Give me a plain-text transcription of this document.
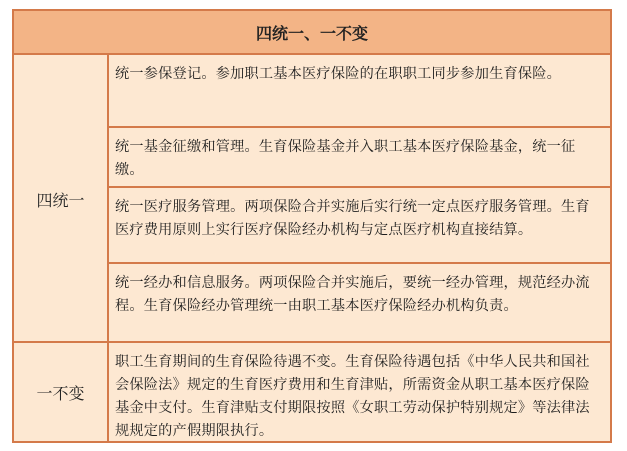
四统一、一不变
四统一
统一参保登记。参加职工基本医疗保险的在职职工同步参加生育保险。
统一基金征缴和管理。生育保险基金并入职工基本医疗保险基金，统一征缴。
统一医疗服务管理。两项保险合并实施后实行统一定点医疗服务管理。生育医疗费用原则上实行医疗保险经办机构与定点医疗机构直接结算。
统一经办和信息服务。两项保险合并实施后，要统一经办管理，规范经办流程。生育保险经办管理统一由职工基本医疗保险经办机构负责。
一不变
职工生育期间的生育保险待遇不变。生育保险待遇包括《中华人民共和国社会保险法》规定的生育医疗费用和生育津贴，所需资金从职工基本医疗保险基金中支付。生育津贴支付期限按照《女职工劳动保护特别规定》等法律法规规定的产假期限执行。
